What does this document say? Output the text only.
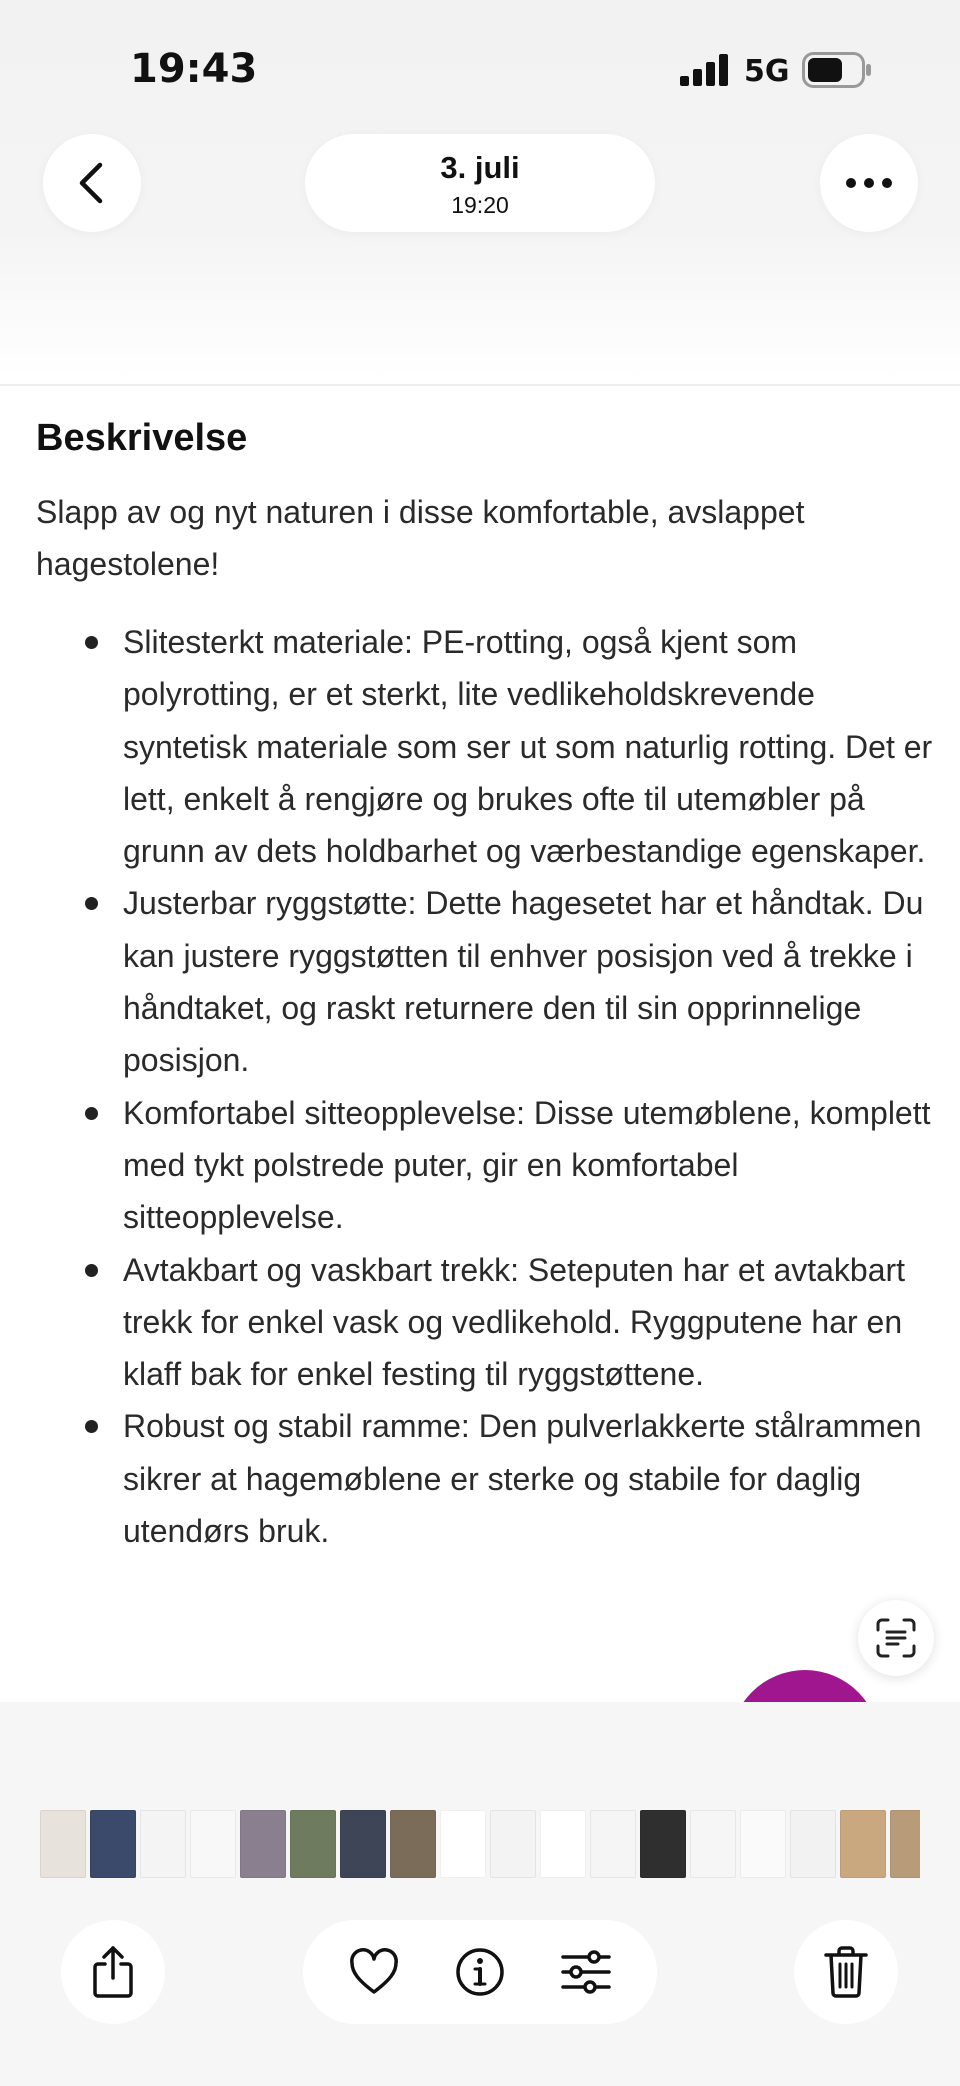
19:43	5G
3. juli
19:20
Beskrivelse

Slapp av og nyt naturen i disse komfortable, avslappet hagestolene!

Slitesterkt materiale: PE-rotting, også kjent som polyrotting, er et sterkt, lite vedlikeholdskrevende syntetisk materiale som ser ut som naturlig rotting. Det er lett, enkelt å rengjøre og brukes ofte til utemøbler på grunn av dets holdbarhet og værbestandige egenskaper.
Justerbar ryggstøtte: Dette hagesetet har et håndtak. Du kan justere ryggstøtten til enhver posisjon ved å trekke i håndtaket, og raskt returnere den til sin opprinnelige posisjon.
Komfortabel sitteopplevelse: Disse utemøblene, komplett med tykt polstrede puter, gir en komfortabel sitteopplevelse.
Avtakbart og vaskbart trekk: Seteputen har et avtakbart trekk for enkel vask og vedlikehold. Ryggputene har en klaff bak for enkel festing til ryggstøttene.
Robust og stabil ramme: Den pulverlakkerte stålrammen sikrer at hagemøblene er sterke og stabile for daglig utendørs bruk.
